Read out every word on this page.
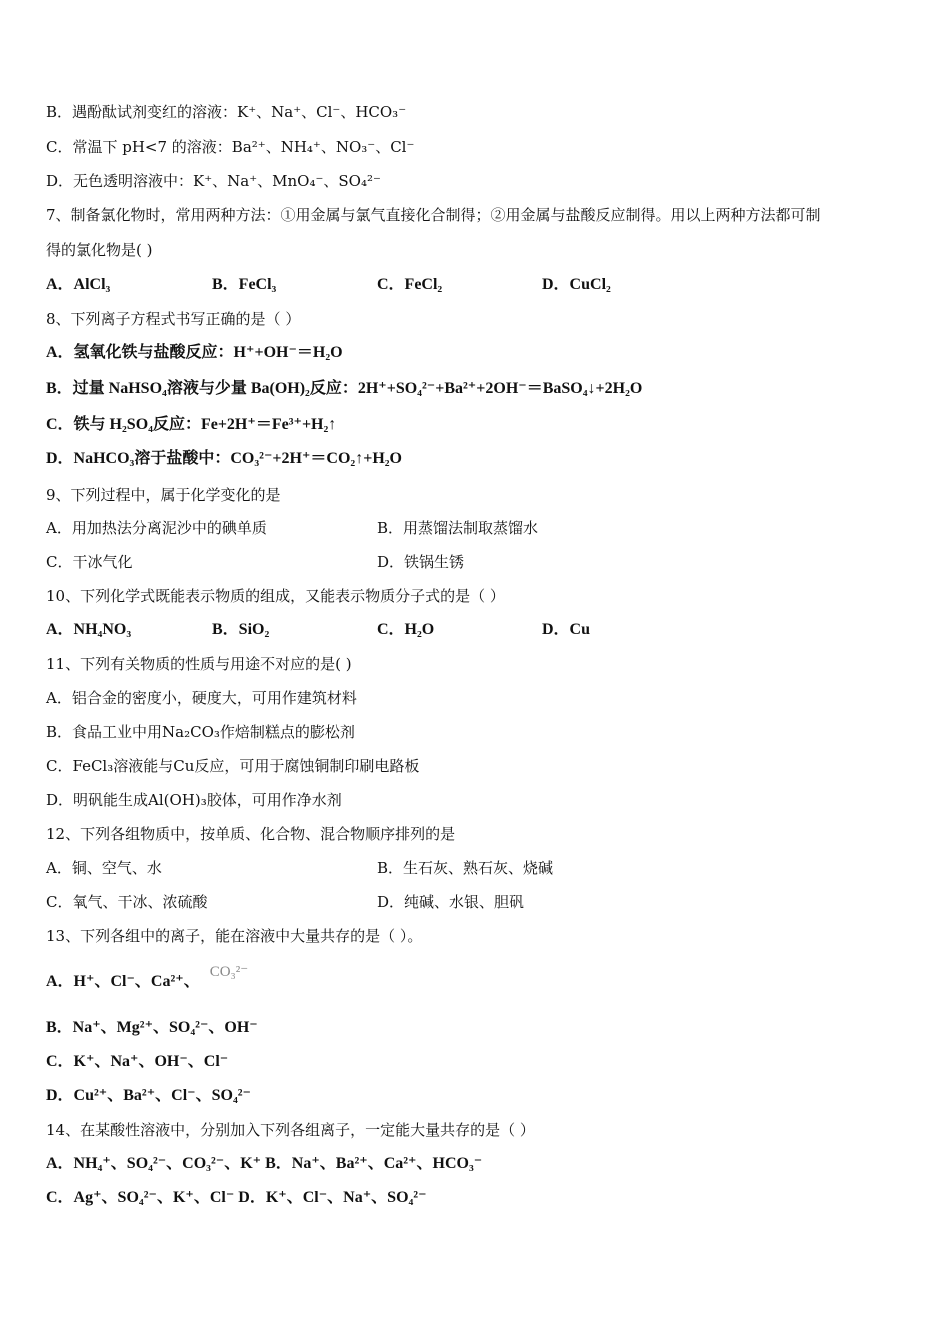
B．遇酚酞试剂变红的溶液：K⁺、Na⁺、Cl⁻、HCO₃⁻
C．常温下 pH<7 的溶液：Ba²⁺、NH₄⁺、NO₃⁻、Cl⁻
D．无色透明溶液中：K⁺、Na⁺、MnO₄⁻、SO₄²⁻
7、制备氯化物时，常用两种方法：①用金属与氯气直接化合制得；②用金属与盐酸反应制得。用以上两种方法都可制
得的氯化物是( )
A．AlCl₃	B．FeCl₃	C．FeCl₂	D．CuCl₂
8、下列离子方程式书写正确的是（ ）
A．氢氧化铁与盐酸反应：H⁺+OH⁻＝H₂O
B．过量 NaHSO₄溶液与少量 Ba(OH)₂反应：2H⁺+SO₄²⁻+Ba²⁺+2OH⁻＝BaSO₄↓+2H₂O
C．铁与 H₂SO₄反应：Fe+2H⁺＝Fe³⁺+H₂↑
D．NaHCO₃溶于盐酸中：CO₃²⁻+2H⁺＝CO₂↑+H₂O
9、下列过程中，属于化学变化的是
A．用加热法分离泥沙中的碘单质	B．用蒸馏法制取蒸馏水
C．干冰气化	D．铁锅生锈
10、下列化学式既能表示物质的组成，又能表示物质分子式的是（ ）
A．NH₄NO₃	B．SiO₂	C．H₂O	D．Cu
11、下列有关物质的性质与用途不对应的是( )
A．铝合金的密度小，硬度大，可用作建筑材料
B．食品工业中用Na₂CO₃作焙制糕点的膨松剂
C．FeCl₃溶液能与Cu反应，可用于腐蚀铜制印刷电路板
D．明矾能生成Al(OH)₃胶体，可用作净水剂
12、下列各组物质中，按单质、化合物、混合物顺序排列的是
A．铜、空气、水	B．生石灰、熟石灰、烧碱
C．氧气、干冰、浓硫酸	D．纯碱、水银、胆矾
13、下列各组中的离子，能在溶液中大量共存的是（ ）。
A．H⁺、Cl⁻、Ca²⁺、CO₃²⁻
B．Na⁺、Mg²⁺、SO₄²⁻、OH⁻
C．K⁺、Na⁺、OH⁻、Cl⁻
D．Cu²⁺、Ba²⁺、Cl⁻、SO₄²⁻
14、在某酸性溶液中，分别加入下列各组离子，一定能大量共存的是（ ）
A．NH₄⁺、SO₄²⁻、CO₃²⁻、K⁺ B．Na⁺、Ba²⁺、Ca²⁺、HCO₃⁻
C．Ag⁺、SO₄²⁻、K⁺、Cl⁻ D．K⁺、Cl⁻、Na⁺、SO₄²⁻
